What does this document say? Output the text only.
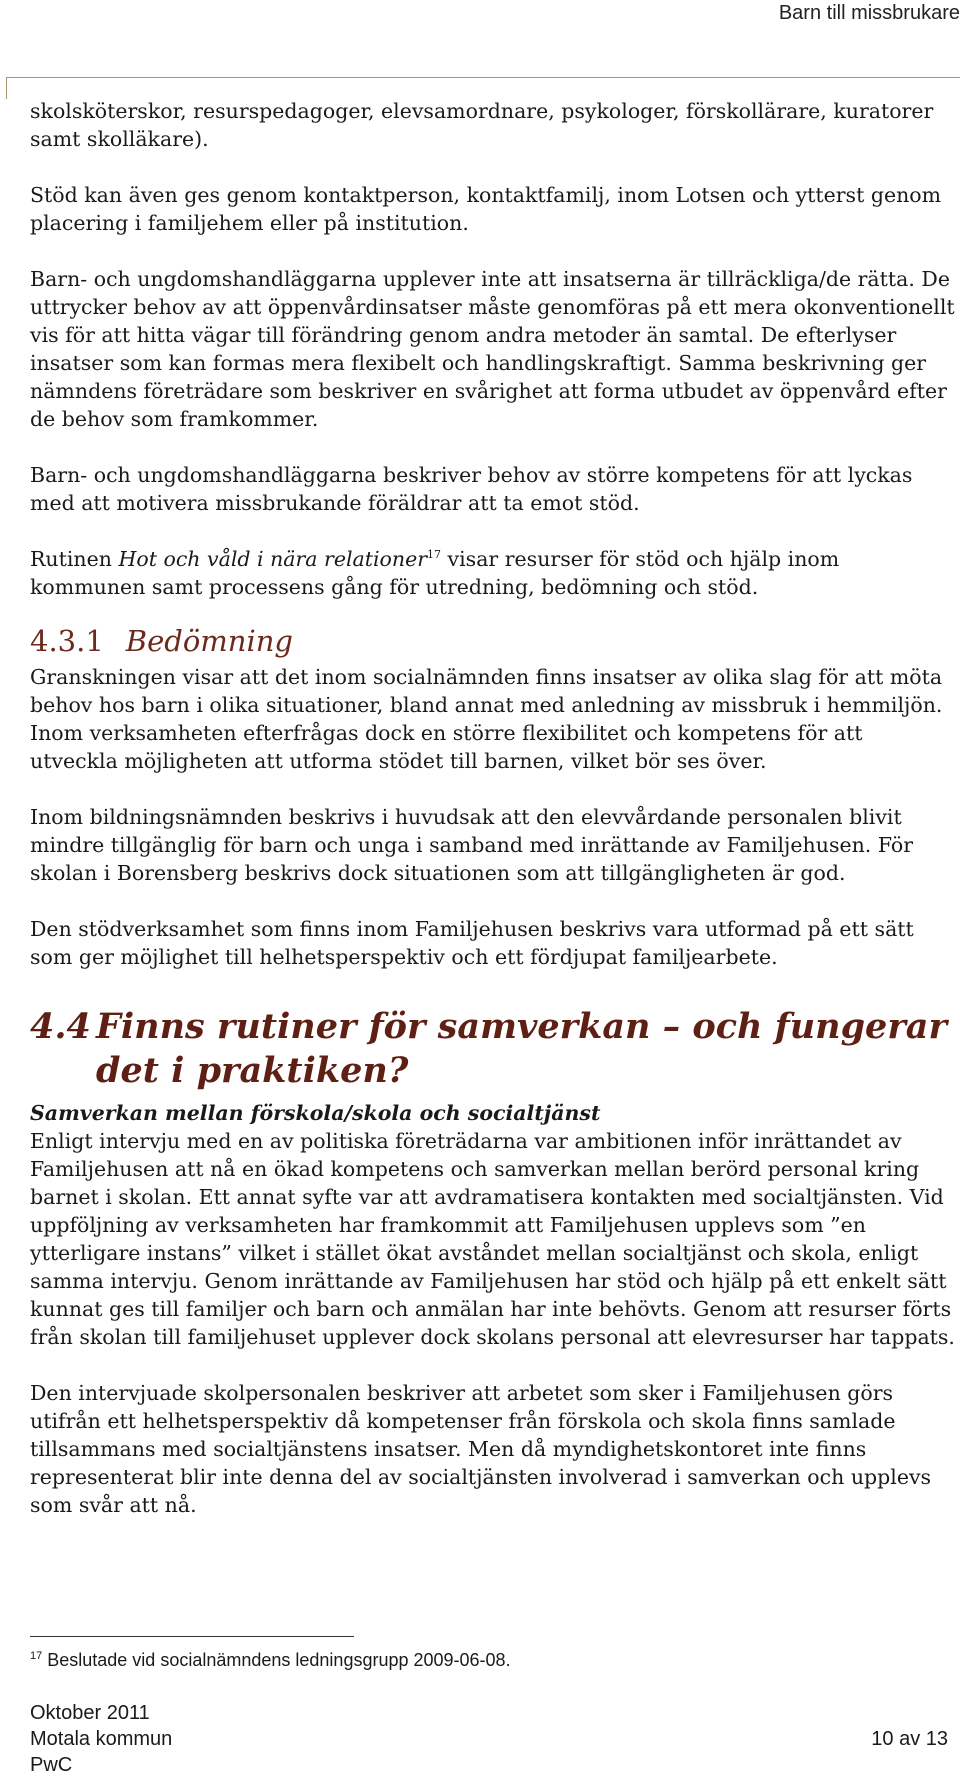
Barn till missbrukare

skolsköterskor, resurspedagoger, elevsamordnare, psykologer, förskollärare, kuratorer samt skolläkare).

Stöd kan även ges genom kontaktperson, kontaktfamilj, inom Lotsen och ytterst genom placering i familjehem eller på institution.

Barn- och ungdomshandläggarna upplever inte att insatserna är tillräckliga/de rätta. De uttrycker behov av att öppenvårdinsatser måste genomföras på ett mera okonventionellt vis för att hitta vägar till förändring genom andra metoder än samtal. De efterlyser insatser som kan formas mera flexibelt och handlingskraftigt. Samma beskrivning ger nämndens företrädare som beskriver en svårighet att forma utbudet av öppenvård efter de behov som framkommer.

Barn- och ungdomshandläggarna beskriver behov av större kompetens för att lyckas med att motivera missbrukande föräldrar att ta emot stöd.

Rutinen Hot och våld i nära relationer$^{17}$ visar resurser för stöd och hjälp inom kommunen samt processens gång för utredning, bedömning och stöd.

4.3.1 Bedömning

Granskningen visar att det inom socialnämnden finns insatser av olika slag för att möta behov hos barn i olika situationer, bland annat med anledning av missbruk i hemmiljön. Inom verksamheten efterfrågas dock en större flexibilitet och kompetens för att utveckla möjligheten att utforma stödet till barnen, vilket bör ses över.

Inom bildningsnämnden beskrivs i huvudsak att den elevvårdande personalen blivit mindre tillgänglig för barn och unga i samband med inrättande av Familjehusen. För skolan i Borensberg beskrivs dock situationen som att tillgängligheten är god.

Den stödverksamhet som finns inom Familjehusen beskrivs vara utformad på ett sätt som ger möjlighet till helhetsperspektiv och ett fördjupat familjearbete.

4.4 Finns rutiner för samverkan – och fungerar det i praktiken?
Samverkan mellan förskola/skola och socialtjänst

Enligt intervju med en av politiska företrädarna var ambitionen inför inrättandet av Familjehusen att nå en ökad kompetens och samverkan mellan berörd personal kring barnet i skolan. Ett annat syfte var att avdramatisera kontakten med socialtjänsten. Vid uppföljning av verksamheten har framkommit att Familjehusen upplevs som ”en ytterligare instans” vilket i stället ökat avståndet mellan socialtjänst och skola, enligt samma intervju. Genom inrättande av Familjehusen har stöd och hjälp på ett enkelt sätt kunnat ges till familjer och barn och anmälan har inte behövts. Genom att resurser förts från skolan till familjehuset upplever dock skolans personal att elevresurser har tappats.

Den intervjuade skolpersonalen beskriver att arbetet som sker i Familjehusen görs utifrån ett helhetsperspektiv då kompetenser från förskola och skola finns samlade tillsammans med socialtjänstens insatser. Men då myndighetskontoret inte finns representerat blir inte denna del av socialtjänsten involverad i samverkan och upplevs som svår att nå.

$^{17}$ Beslutade vid socialnämndens ledningsgrupp 2009-06-08.
Oktober 2011
Motala kommun
PwC
10 av 13
